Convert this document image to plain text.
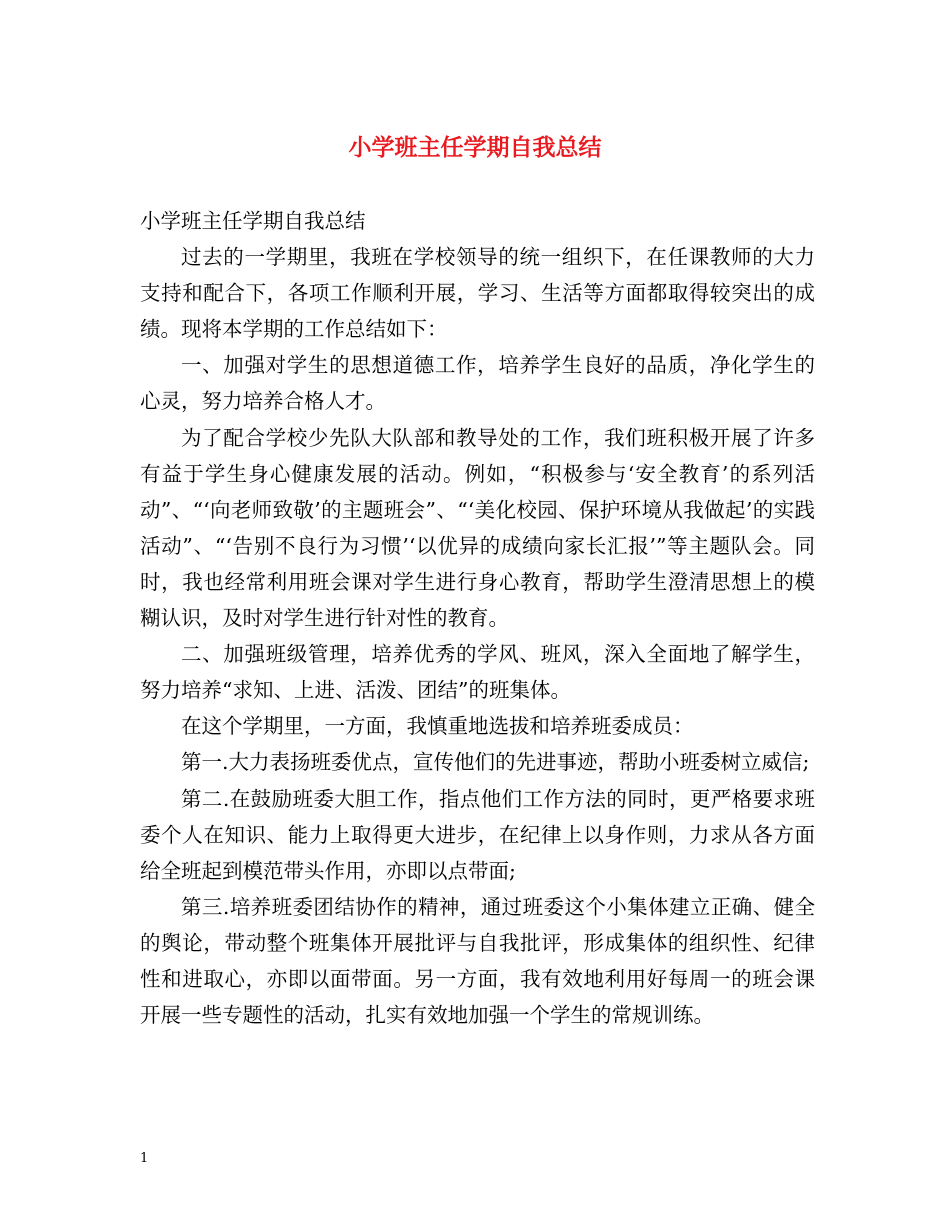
小学班主任学期自我总结

小学班主任学期自我总结

过去的一学期里，我班在学校领导的统一组织下，在任课教师的大力支持和配合下，各项工作顺利开展，学习、生活等方面都取得较突出的成绩。现将本学期的工作总结如下：

一、加强对学生的思想道德工作，培养学生良好的品质，净化学生的心灵，努力培养合格人才。

为了配合学校少先队大队部和教导处的工作，我们班积极开展了许多有益于学生身心健康发展的活动。例如，“积极参与‘安全教育’的系列活动”、“‘向老师致敬’的主题班会”、“‘美化校园、保护环境从我做起’的实践活动”、“‘告别不良行为习惯’‘以优异的成绩向家长汇报’”等主题队会。同时，我也经常利用班会课对学生进行身心教育，帮助学生澄清思想上的模糊认识，及时对学生进行针对性的教育。

二、加强班级管理，培养优秀的学风、班风，深入全面地了解学生，努力培养“求知、上进、活泼、团结”的班集体。

在这个学期里，一方面，我慎重地选拔和培养班委成员：

第一.大力表扬班委优点，宣传他们的先进事迹，帮助小班委树立威信;

第二.在鼓励班委大胆工作，指点他们工作方法的同时，更严格要求班委个人在知识、能力上取得更大进步，在纪律上以身作则，力求从各方面给全班起到模范带头作用，亦即以点带面;

第三.培养班委团结协作的精神，通过班委这个小集体建立正确、健全的舆论，带动整个班集体开展批评与自我批评，形成集体的组织性、纪律性和进取心，亦即以面带面。另一方面，我有效地利用好每周一的班会课开展一些专题性的活动，扎实有效地加强一个学生的常规训练。

1
